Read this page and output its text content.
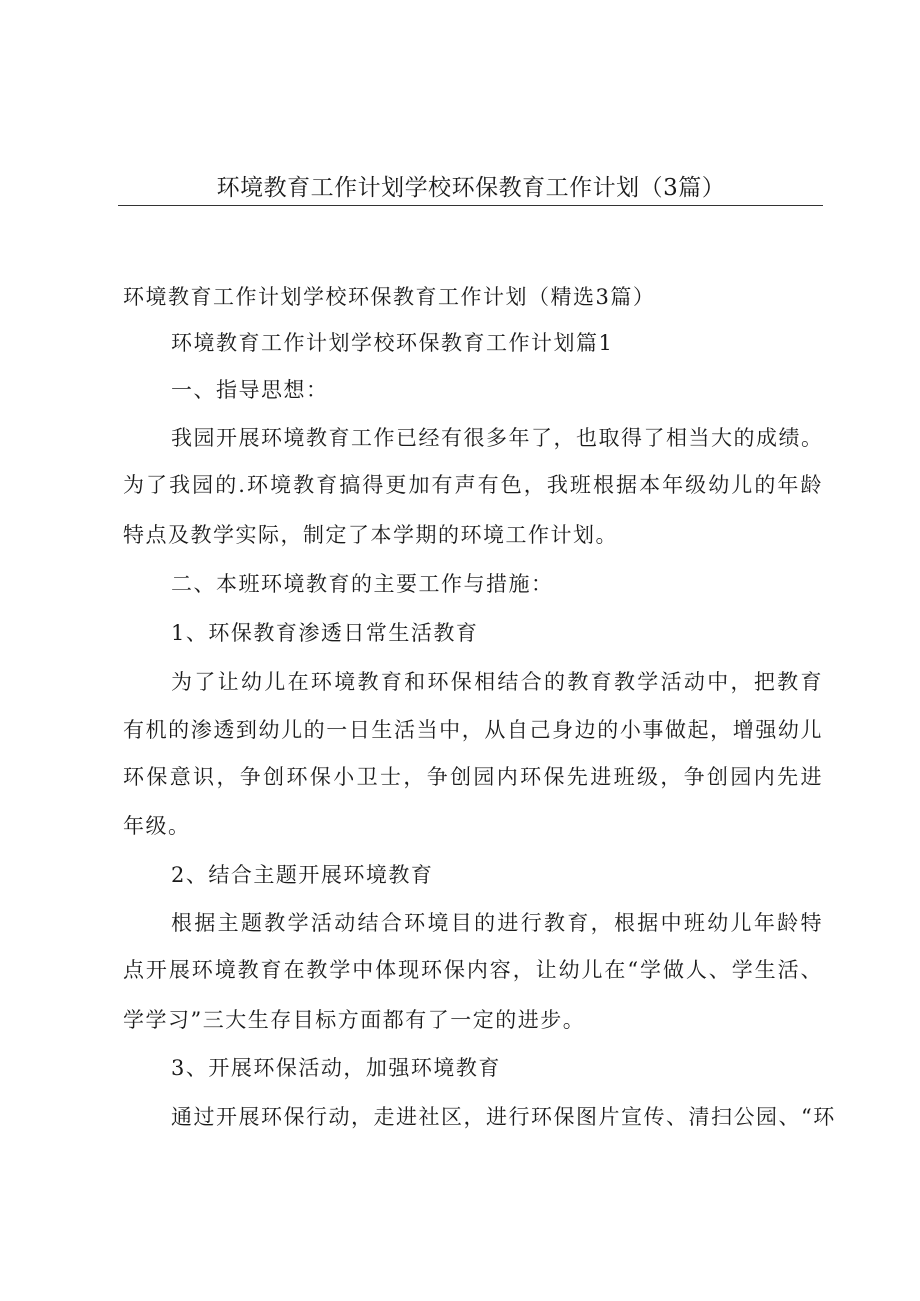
环境教育工作计划学校环保教育工作计划（3篇）
环境教育工作计划学校环保教育工作计划（精选3篇）
环境教育工作计划学校环保教育工作计划篇1
一、指导思想：
我园开展环境教育工作已经有很多年了，也取得了相当大的成绩。
为了我园的.环境教育搞得更加有声有色，我班根据本年级幼儿的年龄
特点及教学实际，制定了本学期的环境工作计划。
二、本班环境教育的主要工作与措施：
1、环保教育渗透日常生活教育
为了让幼儿在环境教育和环保相结合的教育教学活动中，把教育
有机的渗透到幼儿的一日生活当中，从自己身边的小事做起，增强幼儿
环保意识，争创环保小卫士，争创园内环保先进班级，争创园内先进
年级。
2、结合主题开展环境教育
根据主题教学活动结合环境目的进行教育，根据中班幼儿年龄特
点开展环境教育在教学中体现环保内容，让幼儿在“学做人、学生活、
学学习”三大生存目标方面都有了一定的进步。
3、开展环保活动，加强环境教育
通过开展环保行动，走进社区，进行环保图片宣传、清扫公园、“环
